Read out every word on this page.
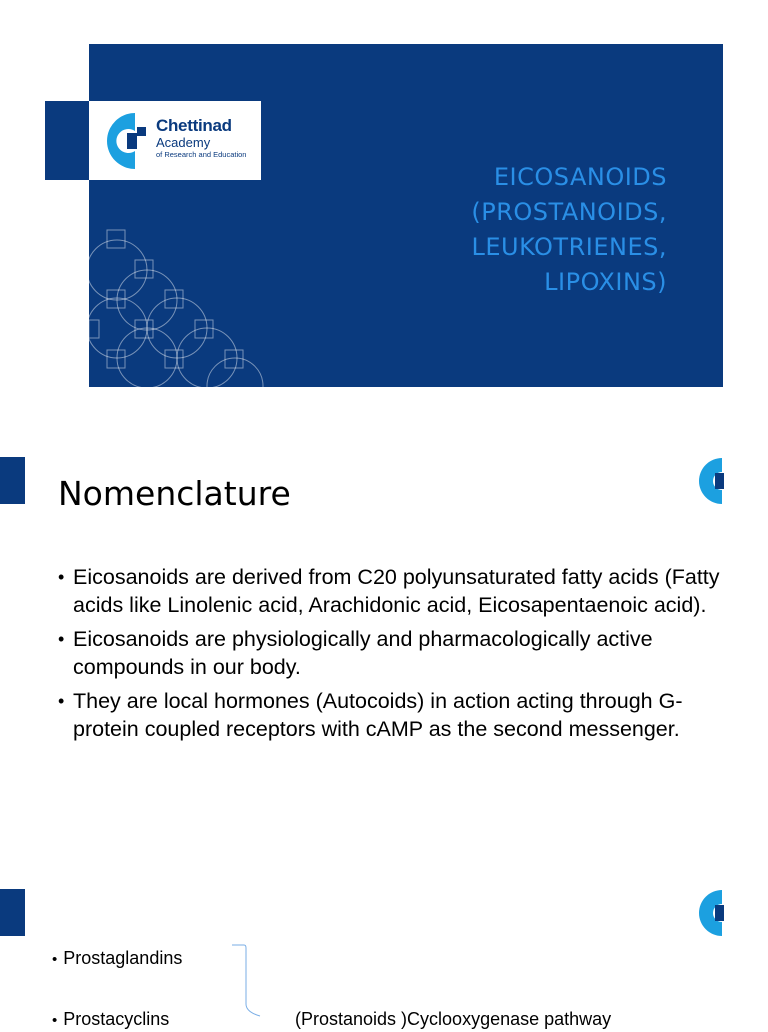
Chettinad
Academy
of Research and Education
EICOSANOIDS
(PROSTANOIDS,
LEUKOTRIENES,
LIPOXINS)
Nomenclature
• Eicosanoids are derived from C20 polyunsaturated fatty acids (Fatty acids like Linolenic acid, Arachidonic acid, Eicosapentaenoic acid).
• Eicosanoids are physiologically and pharmacologically active compounds in our body.
• They are local hormones (Autocoids) in action acting through G-protein coupled receptors with cAMP as the second messenger.
• Prostaglandins
• Prostacyclins	(Prostanoids )Cyclooxygenase pathway
